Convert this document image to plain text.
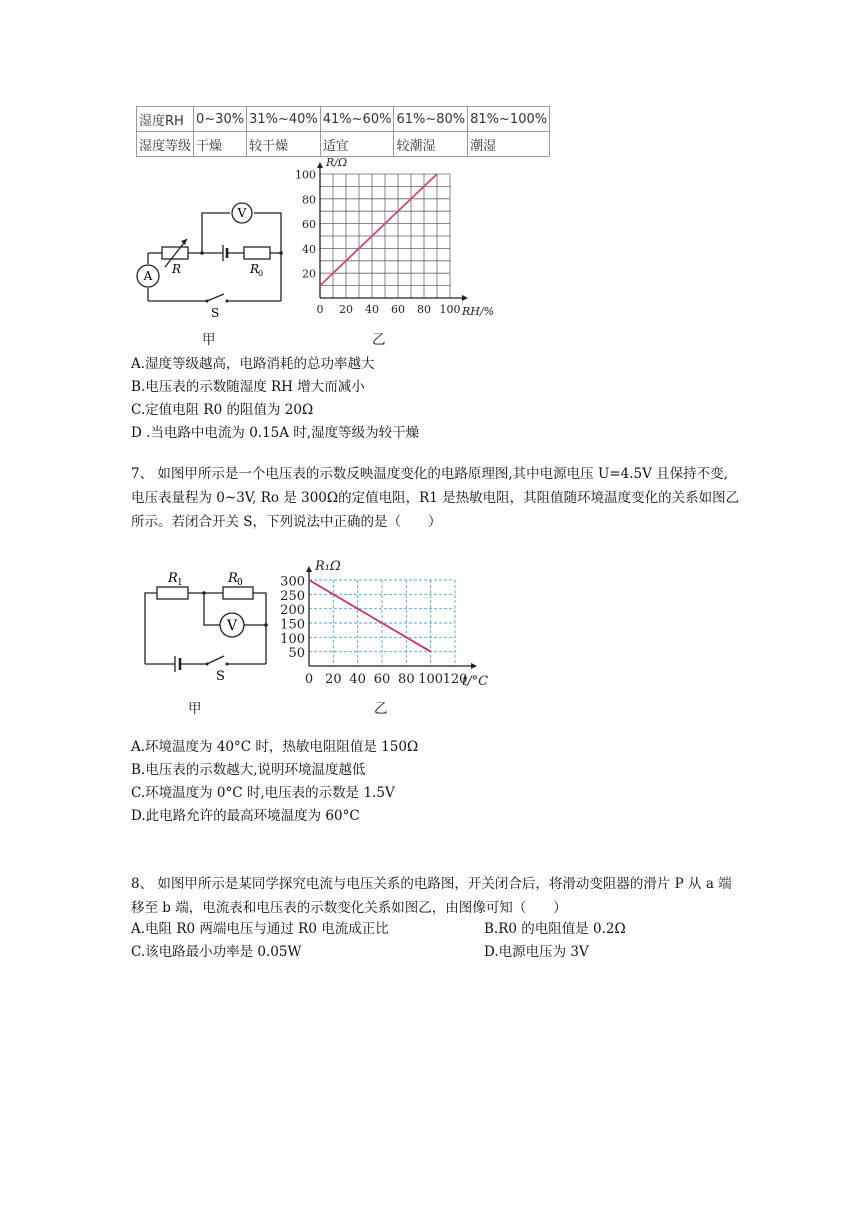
湿度RH	0~30%	31%~40%	41%~60%	61%~80%	81%~100%
湿度等级	干燥	较干燥	适宜	较潮湿	潮湿
V
A R	R
0
S
甲
0 20 40 60 80 100
20
40
60
80
100
RH/%
R/Ω
乙
A.湿度等级越高，电路消耗的总功率越大
B.电压表的示数随湿度 RH 增大而减小
C.定值电阻 R0 的阻值为 20Ω
D .当电路中电流为 0.15A 时,湿度等级为较干燥
7、 如图甲所示是一个电压表的示数反映温度变化的电路原理图,其中电源电压 U=4.5V 且保持不变,电压表量程为 0~3V, Ro 是 300Ω的定值电阻，R1 是热敏电阻，其阻值随环境温度变化的关系如图乙所示。若闭合开关 S，下列说法中正确的是（　　）
R 1	R 0
V
S
甲
0 20 40 60 80 100 120
50
100
150
200
250
300
t/°C
R₁Ω
乙
A.环境温度为 40°C 时，热敏电阻阻值是 150Ω
B.电压表的示数越大,说明环境温度越低
C.环境温度为 0°C 时,电压表的示数是 1.5V
D.此电路允许的最高环境温度为 60°C
8、 如图甲所示是某同学探究电流与电压关系的电路图，开关闭合后，将滑动变阻器的滑片 P 从 a 端移至 b 端，电流表和电压表的示数变化关系如图乙，由图像可知（　　）
A.电阻 R0 两端电压与通过 R0 电流成正比	B.R0 的电阻值是 0.2Ω
C.该电路最小功率是 0.05W	D.电源电压为 3V
